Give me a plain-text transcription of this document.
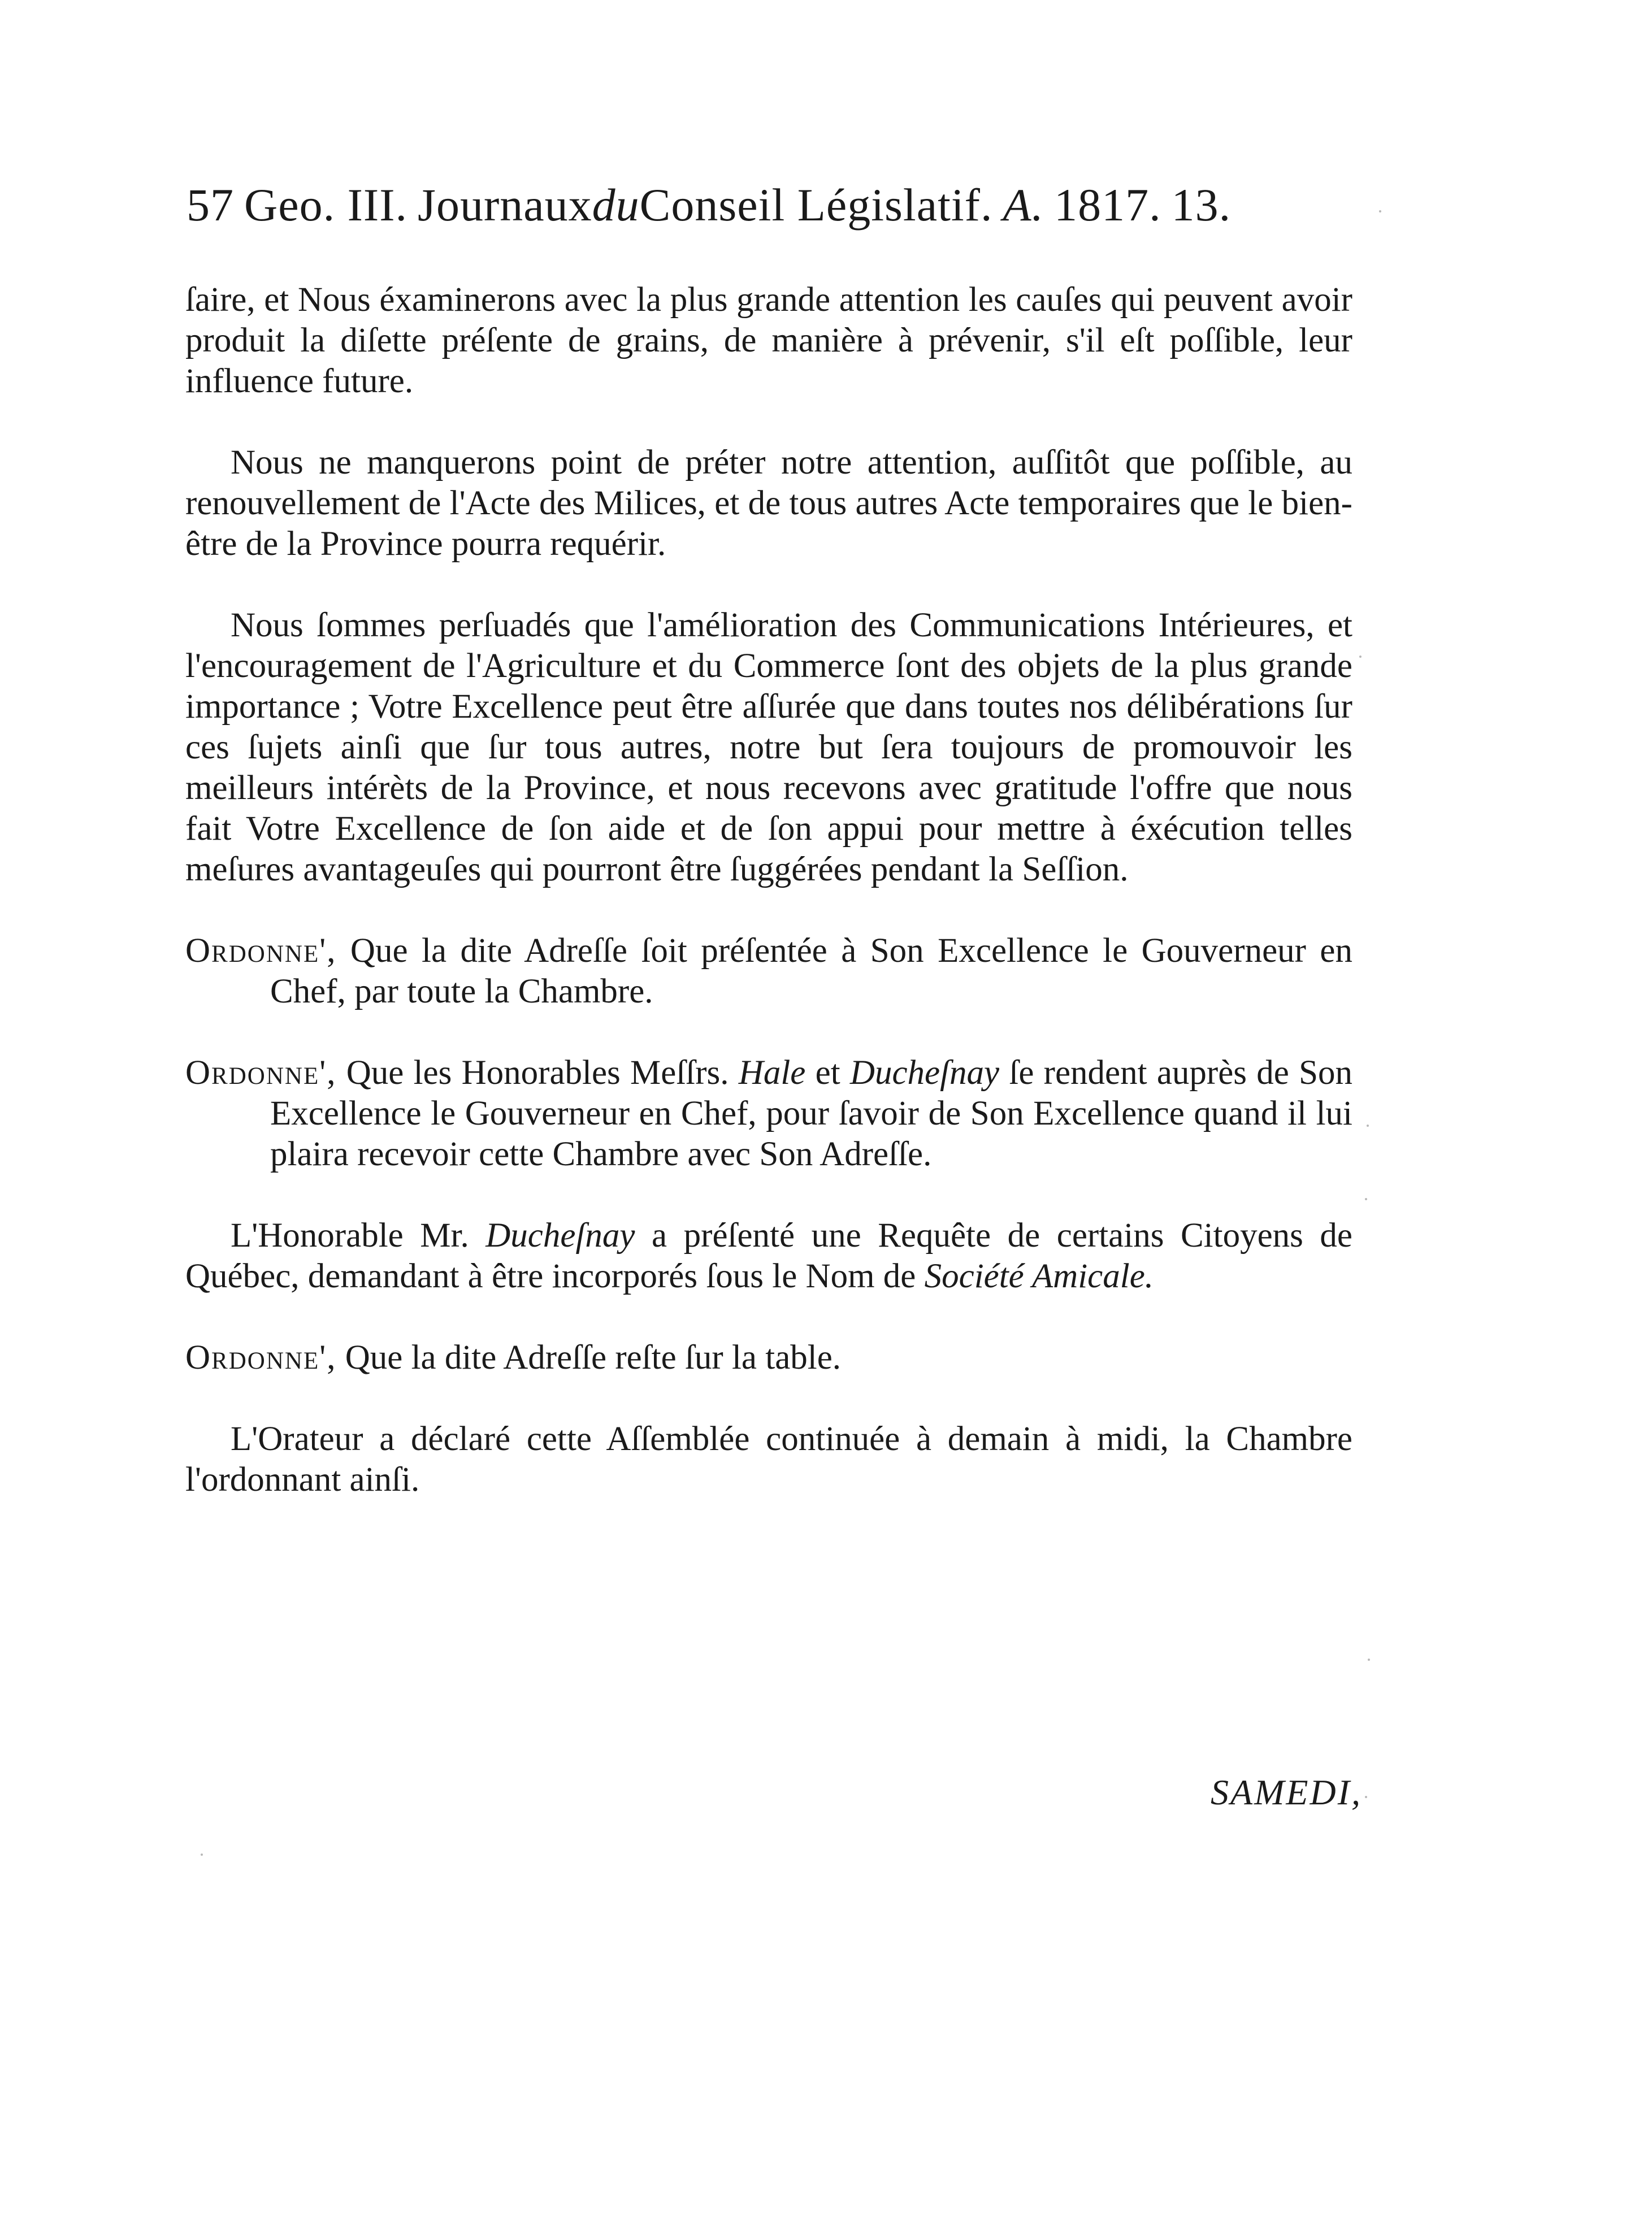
57 Geo. III. JournauxduConseil Législatif. A. 1817. 13.

ſaire, et Nous éxaminerons avec la plus grande attention les cauſes qui peuvent avoir produit la diſette préſente de grains, de manière à prévenir, s'il eſt poſſible, leur influence future.

Nous ne manquerons point de préter notre attention, auſſitôt que poſſible, au renouvellement de l'Acte des Milices, et de tous autres Acte temporaires que le bien-être de la Province pourra requérir.

Nous ſommes perſuadés que l'amélioration des Communications Intérieures, et l'encouragement de l'Agriculture et du Commerce ſont des objets de la plus grande importance ; Votre Excellence peut être aſſurée que dans toutes nos délibérations ſur ces ſujets ainſi que ſur tous autres, notre but ſera toujours de promouvoir les meilleurs intérèts de la Province, et nous recevons avec gratitude l'offre que nous fait Votre Excellence de ſon aide et de ſon appui pour mettre à éxécution telles meſures avantageuſes qui pourront être ſuggérées pendant la Seſſion.

Ordonne', Que la dite Adreſſe ſoit préſentée à Son Excellence le Gouverneur en Chef, par toute la Chambre.

Ordonne', Que les Honorables Meſſrs. Hale et Ducheſnay ſe rendent auprès de Son Excellence le Gouverneur en Chef, pour ſavoir de Son Excellence quand il lui plaira recevoir cette Chambre avec Son Adreſſe.

L'Honorable Mr. Ducheſnay a préſenté une Requête de certains Citoyens de Québec, demandant à être incorporés ſous le Nom de Société Amicale.

Ordonne', Que la dite Adreſſe reſte ſur la table.

L'Orateur a déclaré cette Aſſemblée continuée à demain à midi, la Chambre l'ordonnant ainſi.

SAMEDI,
